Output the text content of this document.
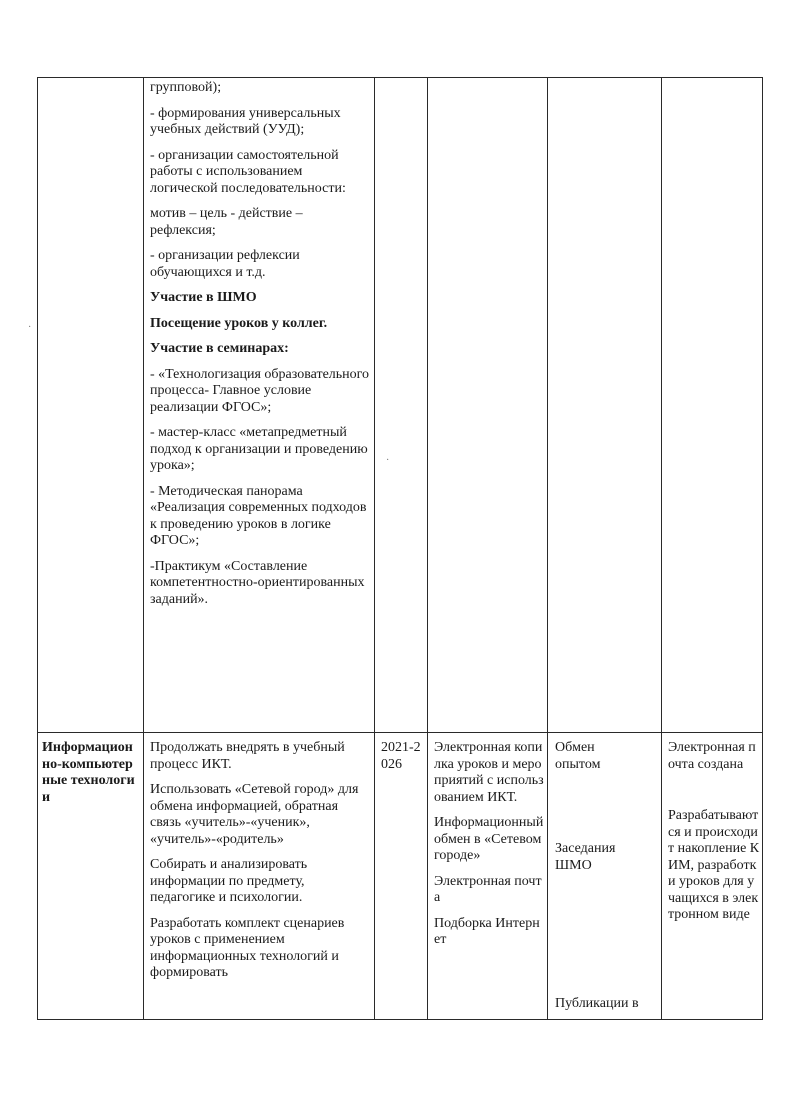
групповой);

- формирования универсальных учебных действий (УУД);

- организации самостоятельной работы с использованием логической последовательности:

мотив – цель - действие – рефлексия;

- организации рефлексии обучающихся и т.д.

Участие в ШМО

Посещение уроков у коллег.

Участие в семинарах:

- «Технологизация образовательного процесса- Главное условие реализации ФГОС»;

- мастер-класс «метапредметный подход к организации и проведению урока»;

- Методическая панорама «Реализация современных подходов к проведению уроков в логике ФГОС»;

-Практикум «Составление компетентностно-ориентированных заданий».

Информационно-компьютерные технологии

Продолжать внедрять в учебный процесс ИКТ.

Использовать «Сетевой город» для обмена информацией, обратная связь «учитель»-«ученик», «учитель»-«родитель»

Собирать и анализировать информации по предмету, педагогике и психологии.

Разработать комплект сценариев уроков с применением информационных технологий и формировать

2021-2026

Электронная копилка уроков и мероприятий с использованием ИКТ.

Информационный обмен в «Сетевом городе»

Электронная почта

Подборка Интернет

Обмен опытом
Заседания ШМО
Публикации в
Электронная почта создана
Разрабатываются и происходит накопление КИМ, разработки уроков для учащихся в электронном виде
·
·
